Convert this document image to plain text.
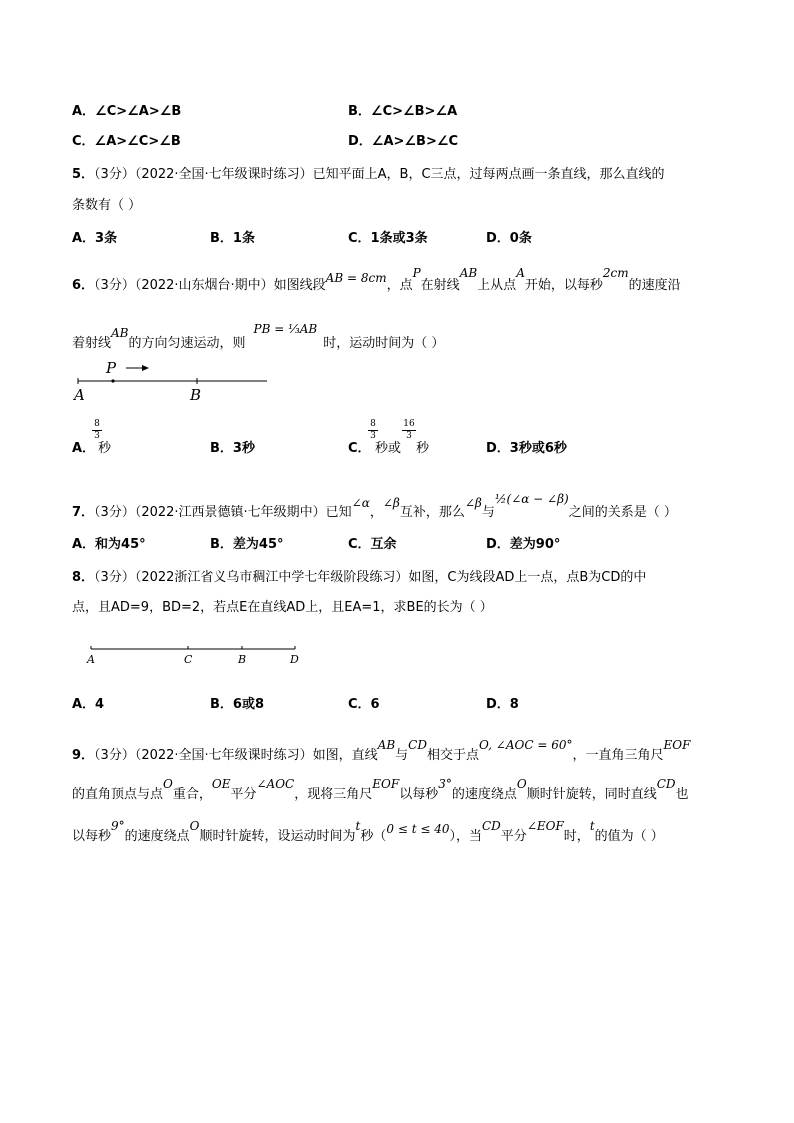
A．∠C>∠A>∠B	B．∠C>∠B>∠A
C．∠A>∠C>∠B	D．∠A>∠B>∠C
5．（3分）（2022·全国·七年级课时练习）已知平面上A，B，C三点，过每两点画一条直线，那么直线的
条数有（ ）
A．3条	B．1条	C．1条或3条	D．0条
6．（3分）（2022·山东烟台·期中）如图线段AB = 8cm，点P在射线AB上从点A开始，以每秒2cm的速度沿
着射线AB的方向匀速运动，则PB = ⅓AB时，运动时间为（ ）
P
A	B
A．
8
3
秒	B．3秒	C．
8
3
秒或
16
3
秒	D．3秒或6秒
7．（3分）（2022·江西景德镇·七年级期中）已知∠α，∠β互补，那么∠β与½(∠α − ∠β)之间的关系是（ ）
A．和为45°	B．差为45°	C．互余	D．差为90°
8．（3分）（2022浙江省义乌市稠江中学七年级阶段练习）如图，C为线段AD上一点，点B为CD的中
点，且AD=9，BD=2，若点E在直线AD上，且EA=1，求BE的长为（ ）
A	C	B	D
A．4	B．6或8	C．6	D．8
9．（3分）（2022·全国·七年级课时练习）如图，直线AB与CD相交于点O, ∠AOC = 60°，一直角三角尺EOF
的直角顶点与点O重合，OE平分∠AOC，现将三角尺EOF以每秒3°的速度绕点O顺时针旋转，同时直线CD也
以每秒9°的速度绕点O顺时针旋转，设运动时间为t秒（0 ≤ t ≤ 40），当CD平分∠EOF时，t的值为（ ）
